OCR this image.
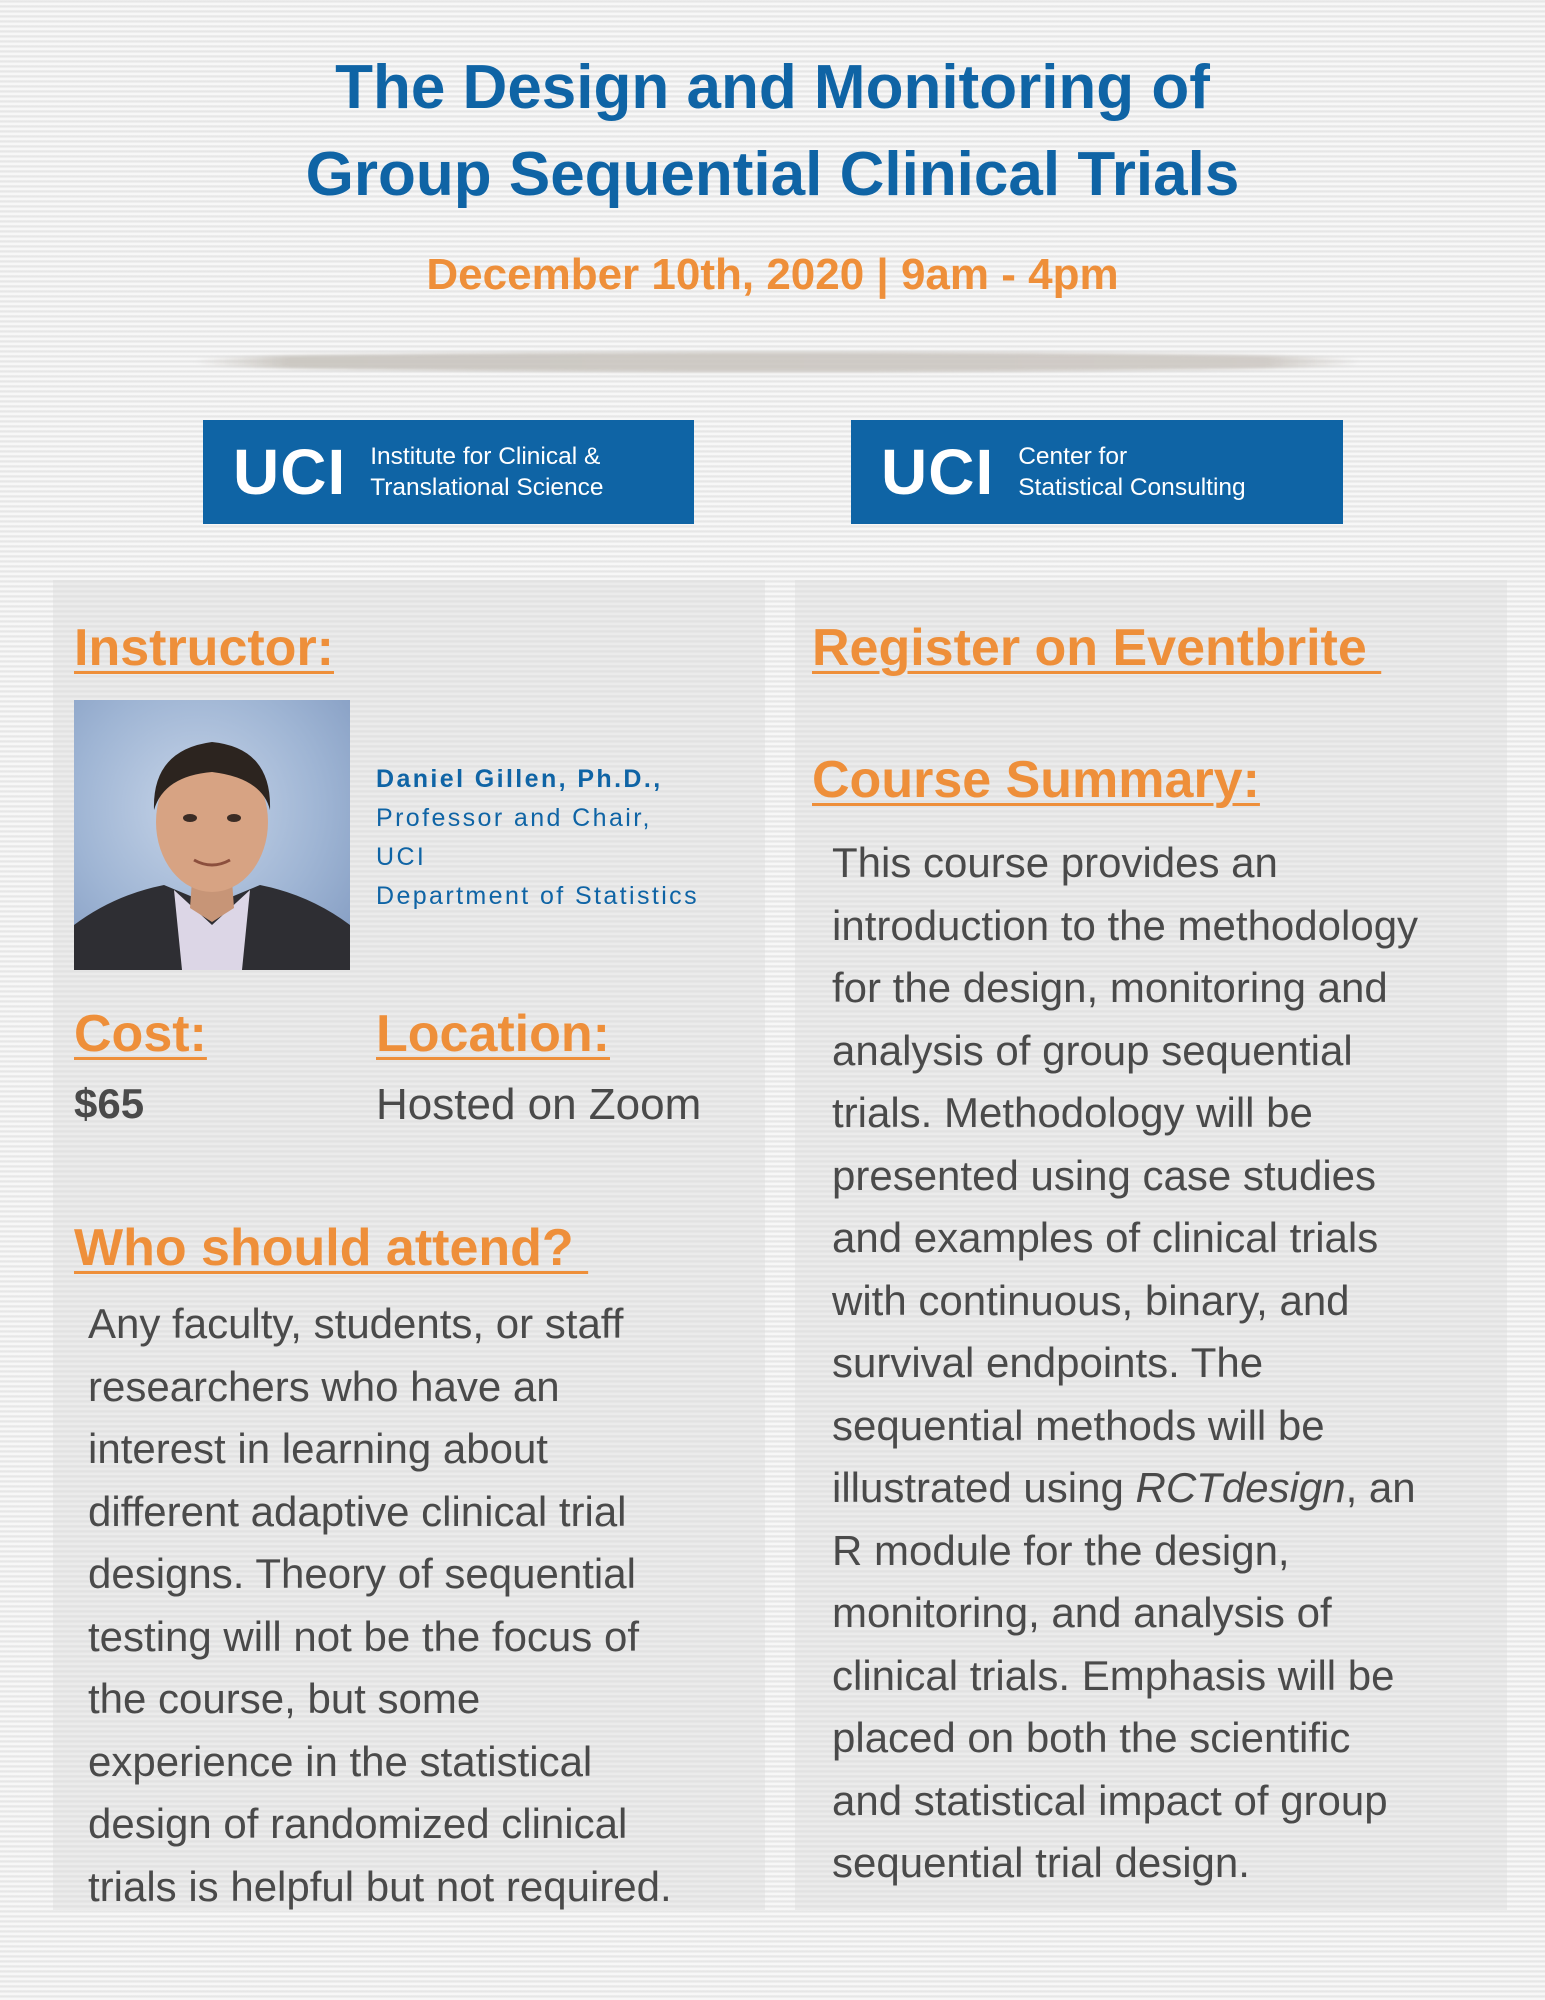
The Design and Monitoring of
Group Sequential Clinical Trials
December 10th, 2020 | 9am - 4pm
UCI Institute for Clinical &
Translational Science	UCI Center for
Statistical Consulting
Instructor:
Daniel Gillen, Ph.D.,
Professor and Chair,
UCI
Department of Statistics
Cost:
$65
Location:
Hosted on Zoom
Who should attend?

Any faculty, students, or staff
researchers who have an
interest in learning about
different adaptive clinical trial
designs. Theory of sequential
testing will not be the focus of
the course, but some
experience in the statistical
design of randomized clinical
trials is helpful but not required.

Register on Eventbrite
Course Summary:

This course provides an
introduction to the methodology
for the design, monitoring and
analysis of group sequential
trials. Methodology will be
presented using case studies
and examples of clinical trials
with continuous, binary, and
survival endpoints. The
sequential methods will be
illustrated using RCTdesign, an
R module for the design,
monitoring, and analysis of
clinical trials. Emphasis will be
placed on both the scientific
and statistical impact of group
sequential trial design.
